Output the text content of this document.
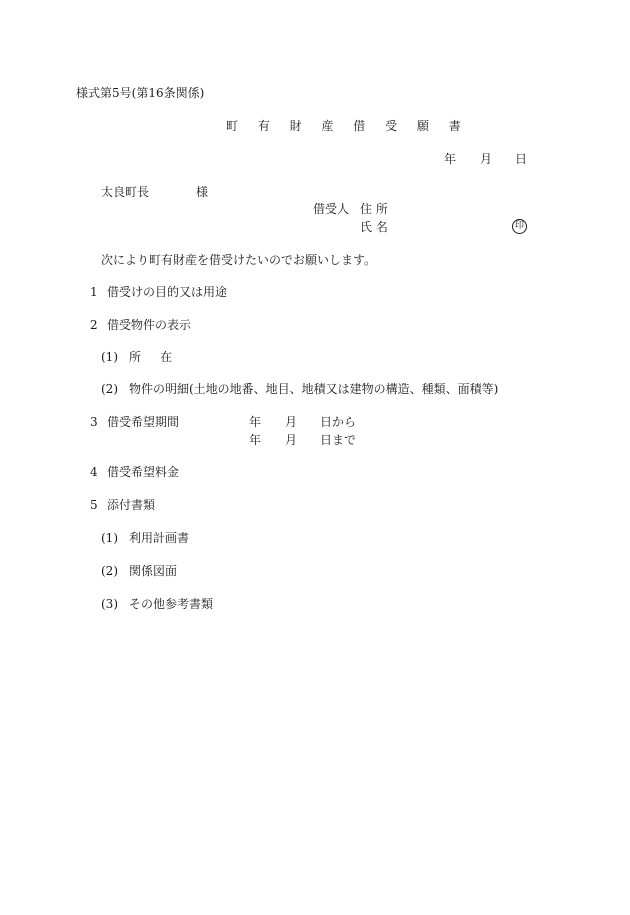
様式第5号(第16条関係)
町 有 財 産 借 受 願 書
年 月 日
太良町長	様
借受人 住 所
氏 名	印
次により町有財産を借受けたいのでお願いします。
1 借受けの目的又は用途
2 借受物件の表示
(1) 所     在
(2) 物件の明細(土地の地番、地目、地積又は建物の構造、種類、面積等)
3 借受希望期間	年 月 日から
年 月 日まで
4 借受希望料金
5 添付書類
(1) 利用計画書
(2) 関係図面
(3) その他参考書類
